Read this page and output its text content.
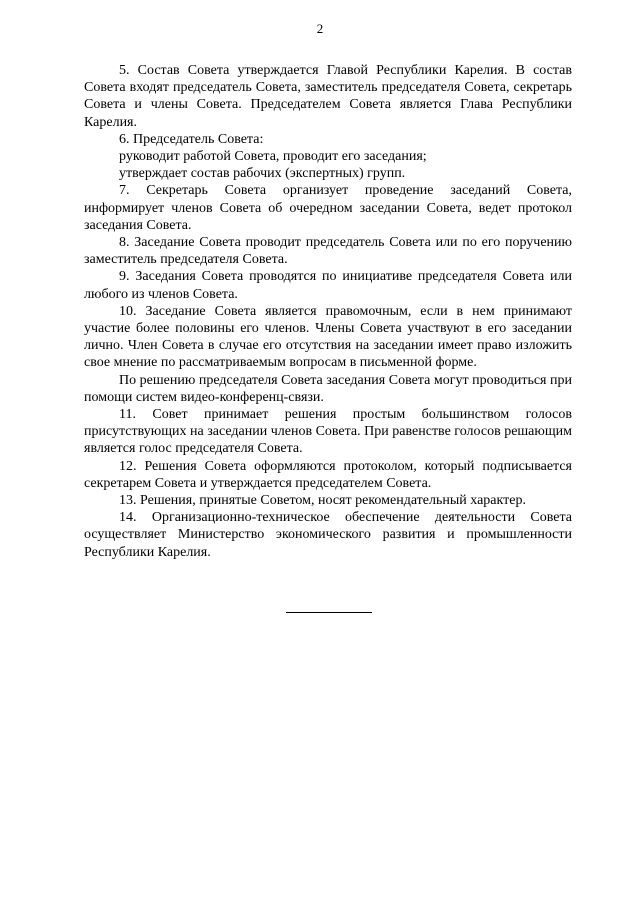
2

5. Состав Совета утверждается Главой Республики Карелия. В состав Совета входят председатель Совета, заместитель председателя Совета, секретарь Совета и члены Совета. Председателем Совета является Глава Республики Карелия.

6. Председатель Совета:

руководит работой Совета, проводит его заседания;

утверждает состав рабочих (экспертных) групп.

7. Секретарь Совета организует проведение заседаний Совета, информирует членов Совета об очередном заседании Совета, ведет протокол заседания Совета.

8. Заседание Совета проводит председатель Совета или по его поручению заместитель председателя Совета.

9. Заседания Совета проводятся по инициативе председателя Совета или любого из членов Совета.

10. Заседание Совета является правомочным, если в нем принимают участие более половины его членов. Члены Совета участвуют в его заседании лично. Член Совета в случае его отсутствия на заседании имеет право изложить свое мнение по рассматриваемым вопросам в письменной форме.

По решению председателя Совета заседания Совета могут проводиться при помощи систем видео-конференц-связи.

11. Совет принимает решения простым большинством голосов присутствующих на заседании членов Совета. При равенстве голосов решающим является голос председателя Совета.

12. Решения Совета оформляются протоколом, который подписывается секретарем Совета и утверждается председателем Совета.

13. Решения, принятые Советом, носят рекомендательный характер.

14. Организационно-техническое обеспечение деятельности Совета осуществляет Министерство экономического развития и промышленности Республики Карелия.
